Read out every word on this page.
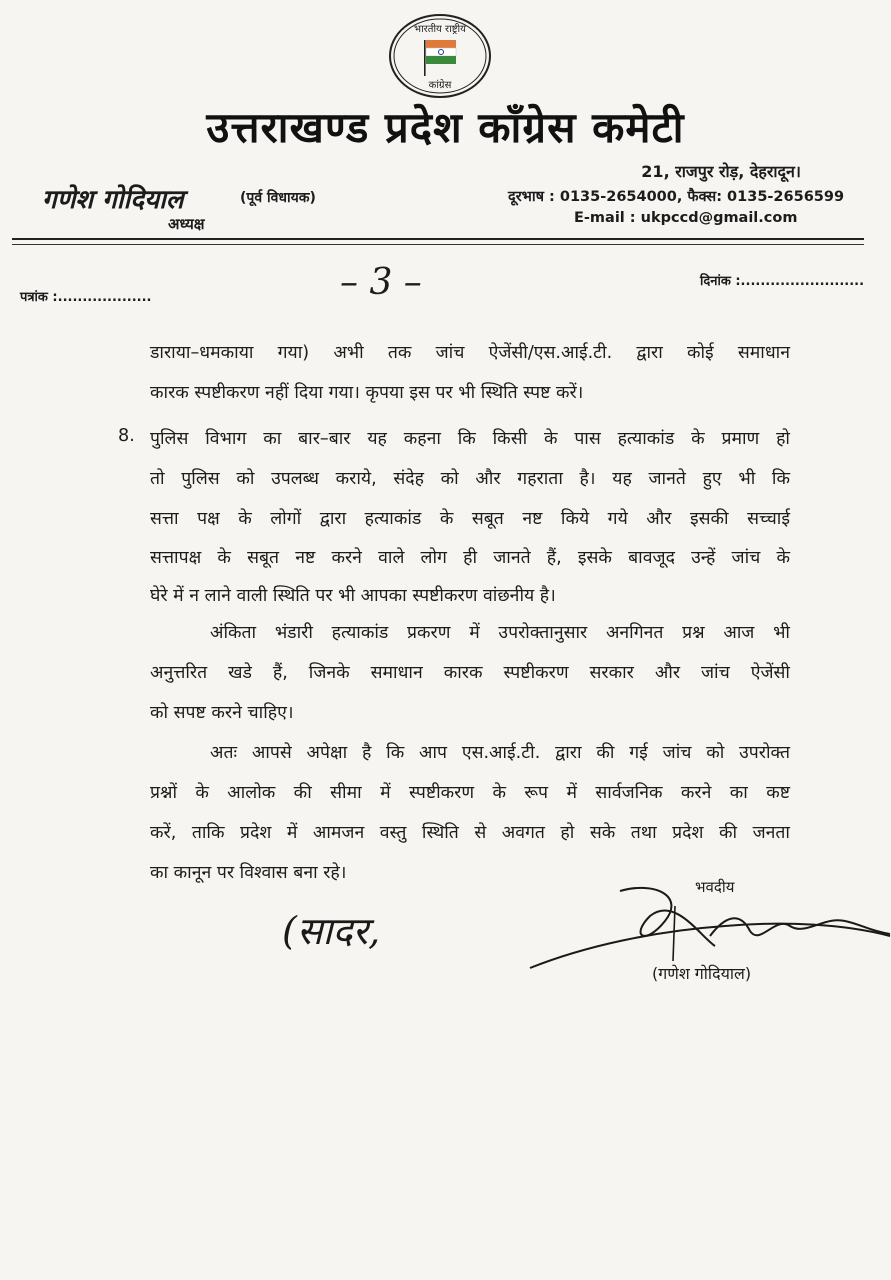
भारतीय राष्ट्रीय
कांग्रेस
उत्तराखण्ड प्रदेश कॉंग्रेस कमेटी
गणेश गोदियाल	(पूर्व विधायक)
अध्यक्ष
21, राजपुर रोड़, देहरादून।
दूरभाष : 0135-2654000, फैक्स: 0135-2656599
E-mail : ukpccd@gmail.com
पत्रांक :...................
दिनांक :.........................
– 3 –
डाराया–धमकाया गया) अभी तक जांच ऐजेंसी/एस.आई.टी. द्वारा कोई समाधान
कारक स्पष्टीकरण नहीं दिया गया। कृपया इस पर भी स्थिति स्पष्ट करें।
8. पुलिस विभाग का बार–बार यह कहना कि किसी के पास हत्याकांड के प्रमाण हो
तो पुलिस को उपलब्ध कराये, संदेह को और गहराता है। यह जानते हुए भी कि
सत्ता पक्ष के लोगों द्वारा हत्याकांड के सबूत नष्ट किये गये और इसकी सच्चाई
सत्तापक्ष के सबूत नष्ट करने वाले लोग ही जानते हैं, इसके बावजूद उन्हें जांच के
घेरे में न लाने वाली स्थिति पर भी आपका स्पष्टीकरण वांछनीय है।
अंकिता भंडारी हत्याकांड प्रकरण में उपरोक्तानुसार अनगिनत प्रश्न आज भी
अनुत्तरित खडे हैं, जिनके समाधान कारक स्पष्टीकरण सरकार और जांच ऐजेंसी
को सपष्ट करने चाहिए।
अतः आपसे अपेक्षा है कि आप एस.आई.टी. द्वारा की गई जांच को उपरोक्त
प्रश्नों के आलोक की सीमा में स्पष्टीकरण के रूप में सार्वजनिक करने का कष्ट
करें, ताकि प्रदेश में आमजन वस्तु स्थिति से अवगत हो सके तथा प्रदेश की जनता
का कानून पर विश्वास बना रहे।
(सादर,
भवदीय
(गणेश गोदियाल)
